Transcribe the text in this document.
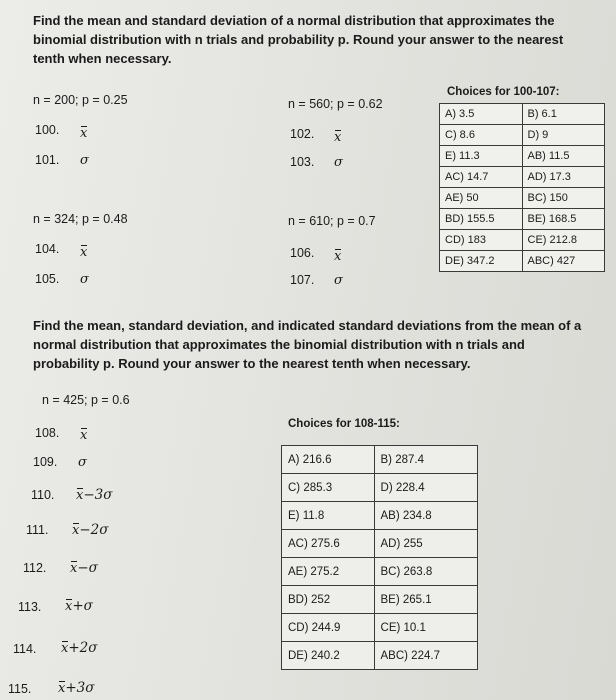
Find the mean and standard deviation of a normal distribution that approximates the binomial distribution with n trials and probability p. Round your answer to the nearest tenth when necessary.
n = 200; p = 0.25
100. x
101. σ
n = 560; p = 0.62
102. x
103. σ
n = 324; p = 0.48
104. x
105. σ
n = 610; p = 0.7
106. x
107. σ
Choices for 100-107:
A) 3.5	B) 6.1
C) 8.6	D) 9
E) 11.3	AB) 11.5
AC) 14.7	AD) 17.3
AE) 50	BC) 150
BD) 155.5	BE) 168.5
CD) 183	CE) 212.8
DE) 347.2	ABC) 427
Find the mean, standard deviation, and indicated standard deviations from the mean of a normal distribution that approximates the binomial distribution with n trials and probability p. Round your answer to the nearest tenth when necessary.
n = 425; p = 0.6
Choices for 108-115:
A) 216.6	B) 287.4
C) 285.3	D) 228.4
E) 11.8	AB) 234.8
AC) 275.6	AD) 255
AE) 275.2	BC) 263.8
BD) 252	BE) 265.1
CD) 244.9	CE) 10.1
DE) 240.2	ABC) 224.7
108. x
109. σ
110. x−3σ
111. x−2σ
112. x−σ
113. x+σ
114. x+2σ
115. x+3σ
